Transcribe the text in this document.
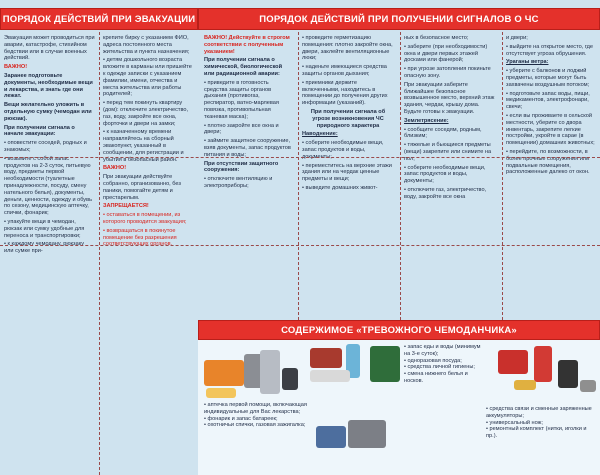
ПОРЯДОК ДЕЙСТВИЙ ПРИ ЭВАКУАЦИИ	ПОРЯДОК ДЕЙСТВИЙ ПРИ ПОЛУЧЕНИИ СИГНАЛОВ О ЧС

Эвакуация может проводиться при аварии, катастрофе, стихийном бедствии или в случае военных действий.

ВАЖНО!

Заранее подготовьте документы, необходимые вещи и лекарства, и знать где они лежат.

Вещи желательно уложить в отдельную сумку (чемодан или рюкзак).

При получении сигнала о начале эвакуации:

• оповестите соседей, родных и знакомых;

• возьмите с собой запас продуктов на 2-3 суток, питьевую воду, предметы первой необходимости (туалетные принадлежности, посуду, смену нательного белья), документы, деньги, ценности, одежду и обувь по сезону, медицинскую аптечку, спички, фонарик;

• упакуйте вещи в чемодан, рюкзак или сумку удобные для переноса и транспортировки;

• к каждому чемодану, рюкзаку или сумке при-

крепите бирку с указанием ФИО, адреса постоянного места жительства и пункта назначения;

• детям дошкольного возраста вложите в карманы или пришейте к одежде записки с указанием фамилии, имени, отчества и места жительства или работы родителей;

• перед тем покинуть квартиру (дом): отключите электричество, газ, воду, закройте все окна, форточки и двери на замки;

• к назначенному времени направляйтесь на сборный эвакопункт, указанный в сообщении, для регистрации и убытия в безопасный район.

ВАЖНО!

При эвакуации действуйте собранно, организованно, без паники, помогайте детям и престарелым.

ЗАПРЕЩАЕТСЯ!

• оставаться в помещении, из которого проводится эвакуация;

• возвращаться в покинутое помещение без разрешения соответствующих органов.

ВАЖНО! Действуйте в строгом соответствии с полученным указанием!

При получении сигнала о химической, биологической или радиационной аварии:

• приведите в готовность средства защиты органов дыхания (противогаз, респиратор, ватно-марлевая повязка, противопыльная тканевая маска);

• плотно закройте все окна и двери;

• займите защитное сооружение, взяв документы, запас продуктов питания и воды;

При отсутствии защитного сооружения:

• отключите вентиляцию и электроприборы;

• проведите герметизацию помещения: плотно закройте окна, двери, заклейте вентиляционные люки;

• наденьте имеющиеся средства защиты органов дыхания;

• приемники держите включенными, находитесь в помещении до получения других информации (указаний).

При получении сигнала об угрозе возникновения ЧС природного характера

Наводнение:

• соберите необходимые вещи, запас продуктов и воды, документы;

• переместитесь на верхние этажи здания или на чердак ценные предметы и вещи;

• выведите домашних живот-

ных в безопасное место;

• заберите (при необходимости) окна и двери первых этажей досками или фанерой;

• при угрозе затопления покиньте опасную зону.

При эвакуации заберите ближайшее безопасное возвышенное место, верхний этаж здания, чердак, крышу дома. Будьте готовы к эвакуации.

Землетрясение:

• сообщите соседям, родным, близким;

• тяжелые и бьющиеся предметы (вещи) закрепите или снимите на пол;

• соберите необходимые вещи, запас продуктов и воды, документы;

• отключите газ, электричество, воду, закройте все окна

и двери;

• выйдите на открытое место, где отсутствует угроза обрушения.

Ураганы ветра:

• уберите с балконов и лоджий предметы, которые могут быть захвачены воздушным потоком;

• подготовьте запас воды, пищи, медикаментов, электрофонари, свечи;

• если вы проживаете в сельской местности, уберите со двора инвентарь, закрепите легкие постройки, укройте в сарае (в помещении) домашних животных;

• перейдите, по возможности, в более прочные сооружения или подвальные помещения, расположенные далеко от окон.

СОДЕРЖИМОЕ «ТРЕВОЖНОГО ЧЕМОДАНЧИКА»
• аптечка первой помощи, включающая индивидуальные для Вас лекарства;
• фонарик и запас батареек;
• охотничьи спички, газовая зажигалка;
• запас еды и воды (минимум на 3-е суток);
• одноразовая посуда;
• средства личной гигиены;
• смена нижнего белья и носков.
• средства связи и сменные заряженные аккумуляторы;
• универсальный нож;
• ремонтный комплект (нитки, иголки и пр.).
